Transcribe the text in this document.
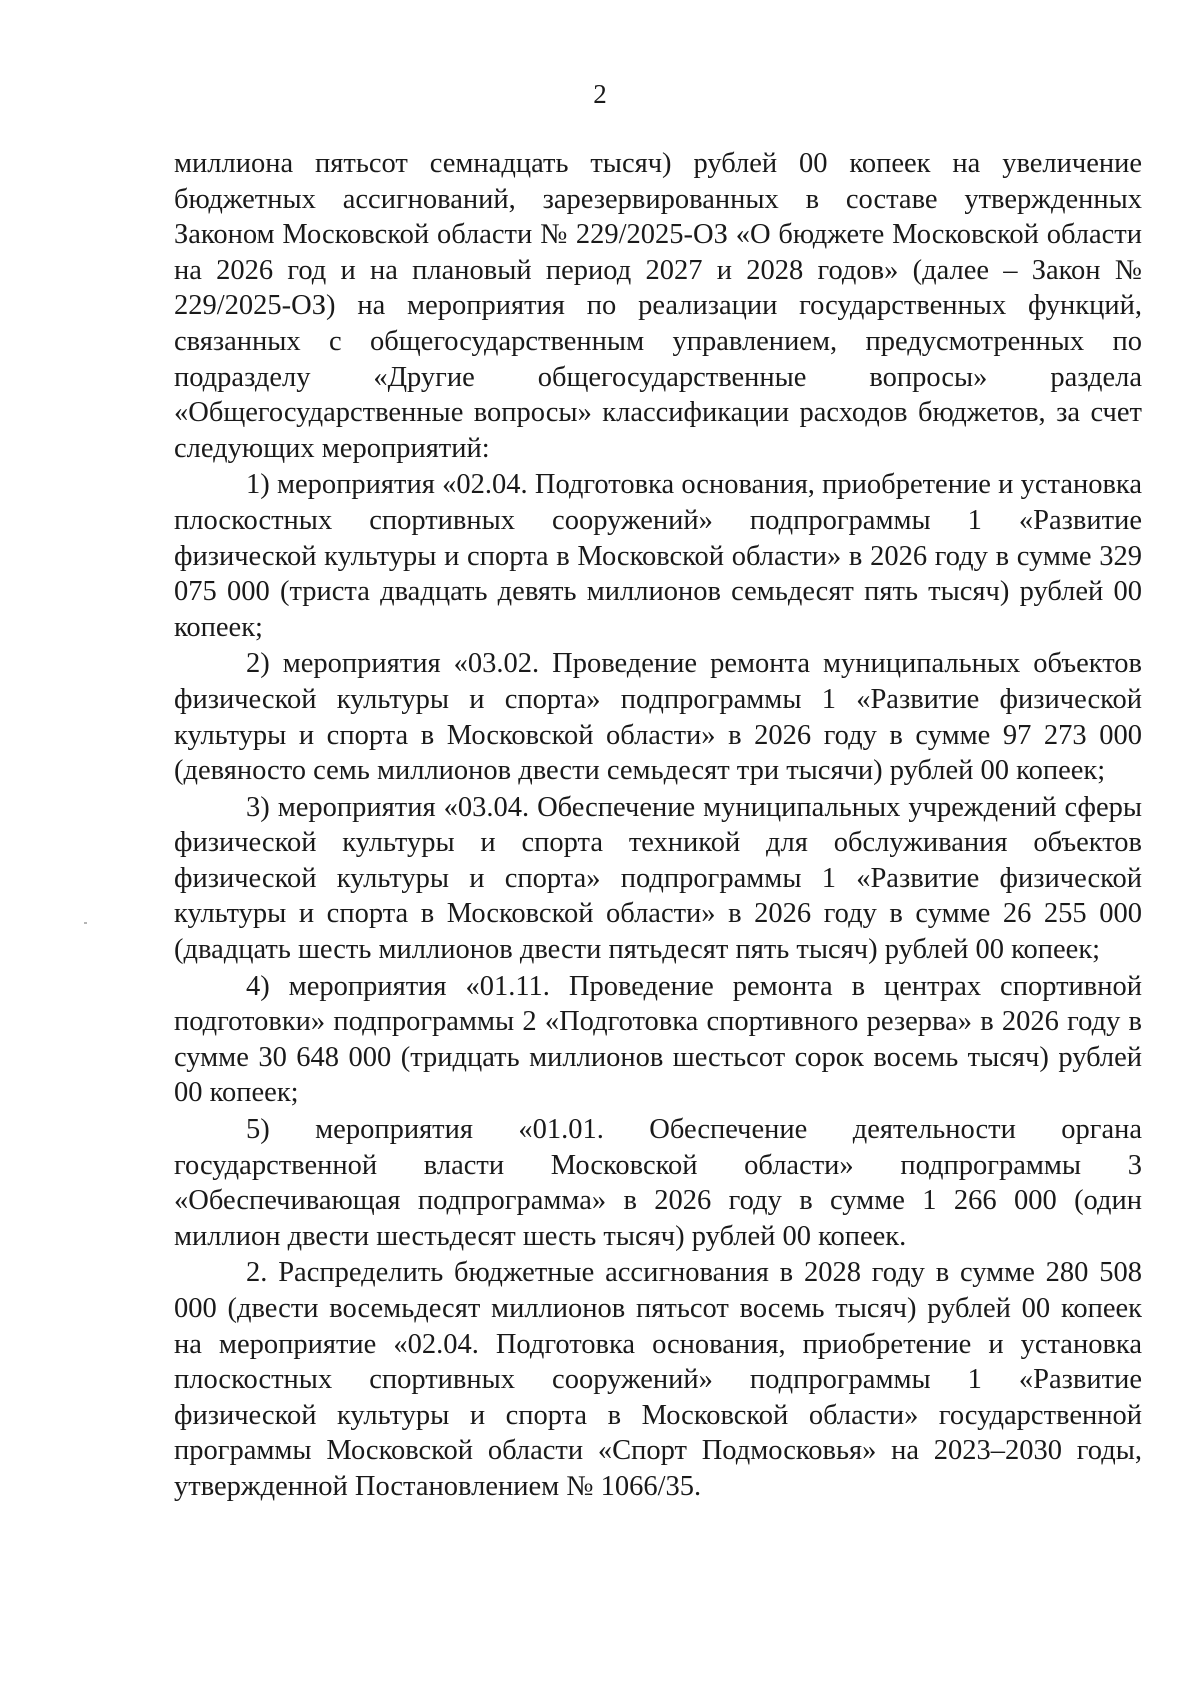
2

миллиона пятьсот семнадцать тысяч) рублей 00 копеек на увеличение бюджетных ассигнований, зарезервированных в составе утвержденных Законом Московской области № 229/2025-ОЗ «О бюджете Московской области на 2026 год и на плановый период 2027 и 2028 годов» (далее – Закон № 229/2025-ОЗ) на мероприятия по реализации государственных функций, связанных с общегосударственным управлением, предусмотренных по подразделу «Другие общегосударственные вопросы» раздела «Общегосударственные вопросы» классификации расходов бюджетов, за счет следующих мероприятий:

1) мероприятия «02.04. Подготовка основания, приобретение и установка плоскостных спортивных сооружений» подпрограммы 1 «Развитие физической культуры и спорта в Московской области» в 2026 году в сумме 329 075 000 (триста двадцать девять миллионов семьдесят пять тысяч) рублей 00 копеек;

2) мероприятия «03.02. Проведение ремонта муниципальных объектов физической культуры и спорта» подпрограммы 1 «Развитие физической культуры и спорта в Московской области» в 2026 году в сумме 97 273 000 (девяносто семь миллионов двести семьдесят три тысячи) рублей 00 копеек;

3) мероприятия «03.04. Обеспечение муниципальных учреждений сферы физической культуры и спорта техникой для обслуживания объектов физической культуры и спорта» подпрограммы 1 «Развитие физической культуры и спорта в Московской области» в 2026 году в сумме 26 255 000 (двадцать шесть миллионов двести пятьдесят пять тысяч) рублей 00 копеек;

4) мероприятия «01.11. Проведение ремонта в центрах спортивной подготовки» подпрограммы 2 «Подготовка спортивного резерва» в 2026 году в сумме 30 648 000 (тридцать миллионов шестьсот сорок восемь тысяч) рублей 00 копеек;

5) мероприятия «01.01. Обеспечение деятельности органа государственной власти Московской области» подпрограммы 3 «Обеспечивающая подпрограмма» в 2026 году в сумме 1 266 000 (один миллион двести шестьдесят шесть тысяч) рублей 00 копеек.

2. Распределить бюджетные ассигнования в 2028 году в сумме 280 508 000 (двести восемьдесят миллионов пятьсот восемь тысяч) рублей 00 копеек на мероприятие «02.04. Подготовка основания, приобретение и установка плоскостных спортивных сооружений» подпрограммы 1 «Развитие физической культуры и спорта в Московской области» государственной программы Московской области «Спорт Подмосковья» на 2023–2030 годы, утвержденной Постановлением № 1066/35.
